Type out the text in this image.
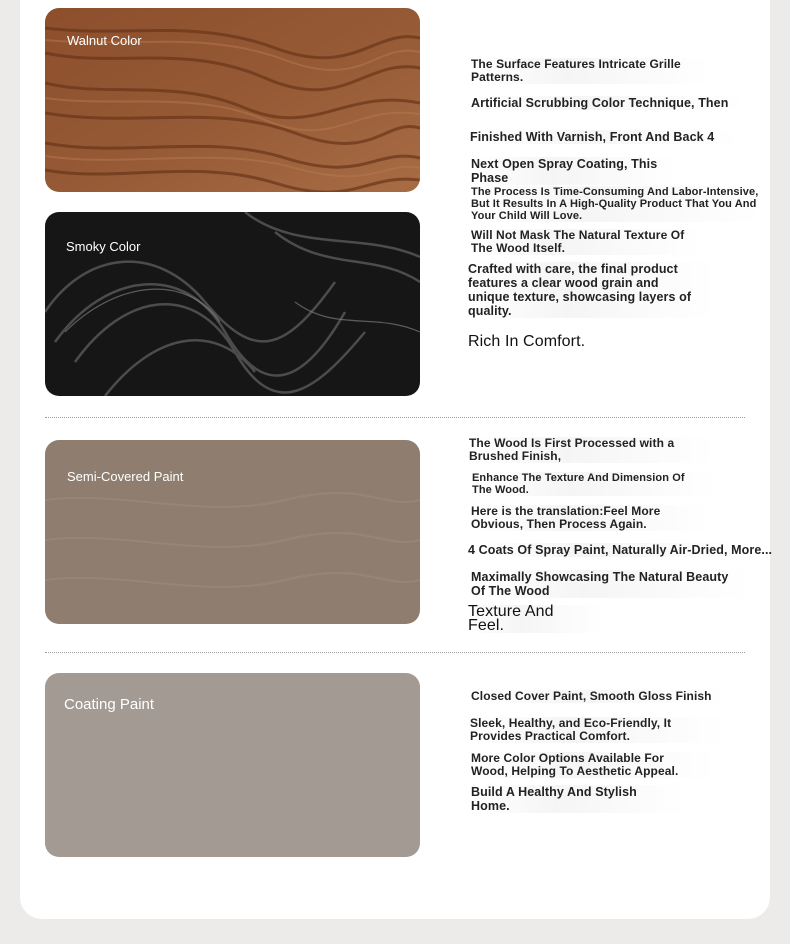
Walnut Color
Smoky Color
Semi-Covered Paint
Coating Paint
The Surface Features Intricate Grille Patterns.
Artificial Scrubbing Color Technique, Then
Finished With Varnish, Front And Back 4
Next Open Spray Coating, This Phase
The Process Is Time-Consuming And Labor-Intensive, But It Results In A High-Quality Product That You And Your Child Will Love.
Will Not Mask The Natural Texture Of The Wood Itself.
Crafted with care, the final product features a clear wood grain and unique texture, showcasing layers of quality.
Rich In Comfort.
The Wood Is First Processed with a Brushed Finish,
Enhance The Texture And Dimension Of The Wood.
Here is the translation:Feel More Obvious, Then Process Again.
4 Coats Of Spray Paint, Naturally Air-Dried, More...
Maximally Showcasing The Natural Beauty Of The Wood
Texture And Feel.
Closed Cover Paint, Smooth Gloss Finish
Sleek, Healthy, and Eco-Friendly, It Provides Practical Comfort.
More Color Options Available For Wood, Helping To Aesthetic Appeal.
Build A Healthy And Stylish Home.
